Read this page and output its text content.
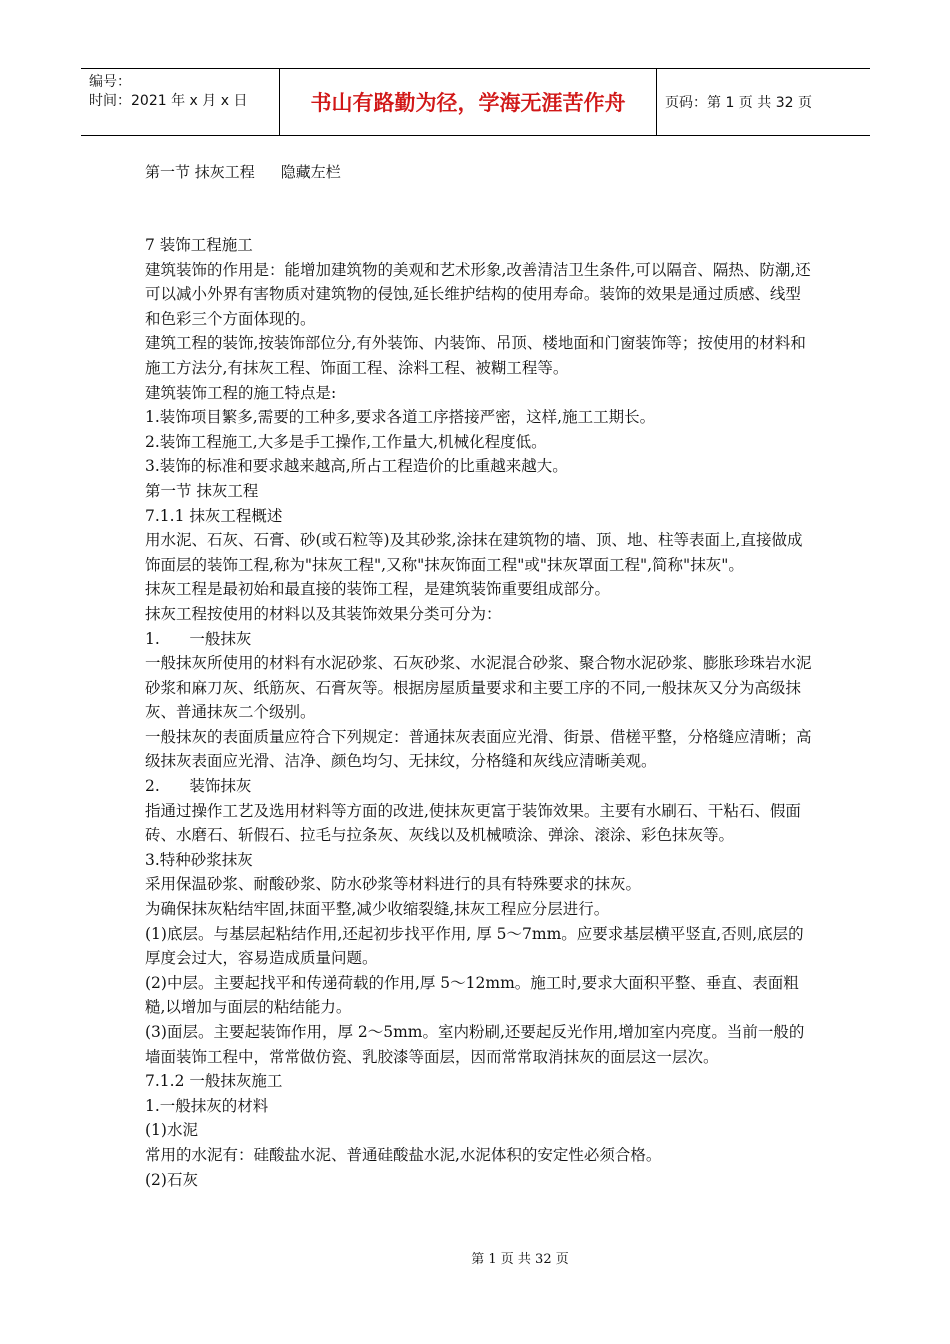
编号：
时间：2021 年 x 月 x 日	书山有路勤为径，学海无涯苦作舟	页码：第 1 页 共 32 页
第一节 抹灰工程 隐藏左栏

7 装饰工程施工

建筑装饰的作用是：能增加建筑物的美观和艺术形象,改善清洁卫生条件,可以隔音、隔热、防潮,还可以减小外界有害物质对建筑物的侵蚀,延长维护结构的使用寿命。装饰的效果是通过质感、线型和色彩三个方面体现的。

建筑工程的装饰,按装饰部位分,有外装饰、内装饰、吊顶、楼地面和门窗装饰等；按使用的材料和施工方法分,有抹灰工程、饰面工程、涂料工程、被糊工程等。

建筑装饰工程的施工特点是:

1.装饰项目繁多,需要的工种多,要求各道工序搭接严密，这样,施工工期长。

2.装饰工程施工,大多是手工操作,工作量大,机械化程度低。

3.装饰的标准和要求越来越高,所占工程造价的比重越来越大。

第一节 抹灰工程

7.1.1 抹灰工程概述

用水泥、石灰、石膏、砂(或石粒等)及其砂浆,涂抹在建筑物的墙、顶、地、柱等表面上,直接做成饰面层的装饰工程,称为"抹灰工程",又称"抹灰饰面工程"或"抹灰罩面工程",简称"抹灰"。

抹灰工程是最初始和最直接的装饰工程，是建筑装饰重要组成部分。

抹灰工程按使用的材料以及其装饰效果分类可分为：

1.      一般抹灰

一般抹灰所使用的材料有水泥砂浆、石灰砂浆、水泥混合砂浆、聚合物水泥砂浆、膨胀珍珠岩水泥砂浆和麻刀灰、纸筋灰、石膏灰等。根据房屋质量要求和主要工序的不同,一般抹灰又分为高级抹灰、普通抹灰二个级别。

一般抹灰的表面质量应符合下列规定：普通抹灰表面应光滑、街景、借槎平整，分格缝应清晰；高级抹灰表面应光滑、洁净、颜色均匀、无抹纹，分格缝和灰线应清晰美观。

2.      装饰抹灰

指通过操作工艺及选用材料等方面的改进,使抹灰更富于装饰效果。主要有水刷石、干粘石、假面砖、水磨石、斩假石、拉毛与拉条灰、灰线以及机械喷涂、弹涂、滚涂、彩色抹灰等。

3.特种砂浆抹灰

采用保温砂浆、耐酸砂浆、防水砂浆等材料进行的具有特殊要求的抹灰。

为确保抹灰粘结牢固,抹面平整,减少收缩裂缝,抹灰工程应分层进行。

(1)底层。与基层起粘结作用,还起初步找平作用, 厚 5～7mm。应要求基层横平竖直,否则,底层的厚度会过大，容易造成质量问题。

(2)中层。主要起找平和传递荷载的作用,厚 5～12mm。施工时,要求大面积平整、垂直、表面粗糙,以增加与面层的粘结能力。

(3)面层。主要起装饰作用，厚 2～5mm。室内粉刷,还要起反光作用,增加室内亮度。当前一般的墙面装饰工程中，常常做仿瓷、乳胶漆等面层，因而常常取消抹灰的面层这一层次。

7.1.2 一般抹灰施工

1.一般抹灰的材料

(1)水泥

常用的水泥有：硅酸盐水泥、普通硅酸盐水泥,水泥体积的安定性必须合格。

(2)石灰

第 1 页 共 32 页
